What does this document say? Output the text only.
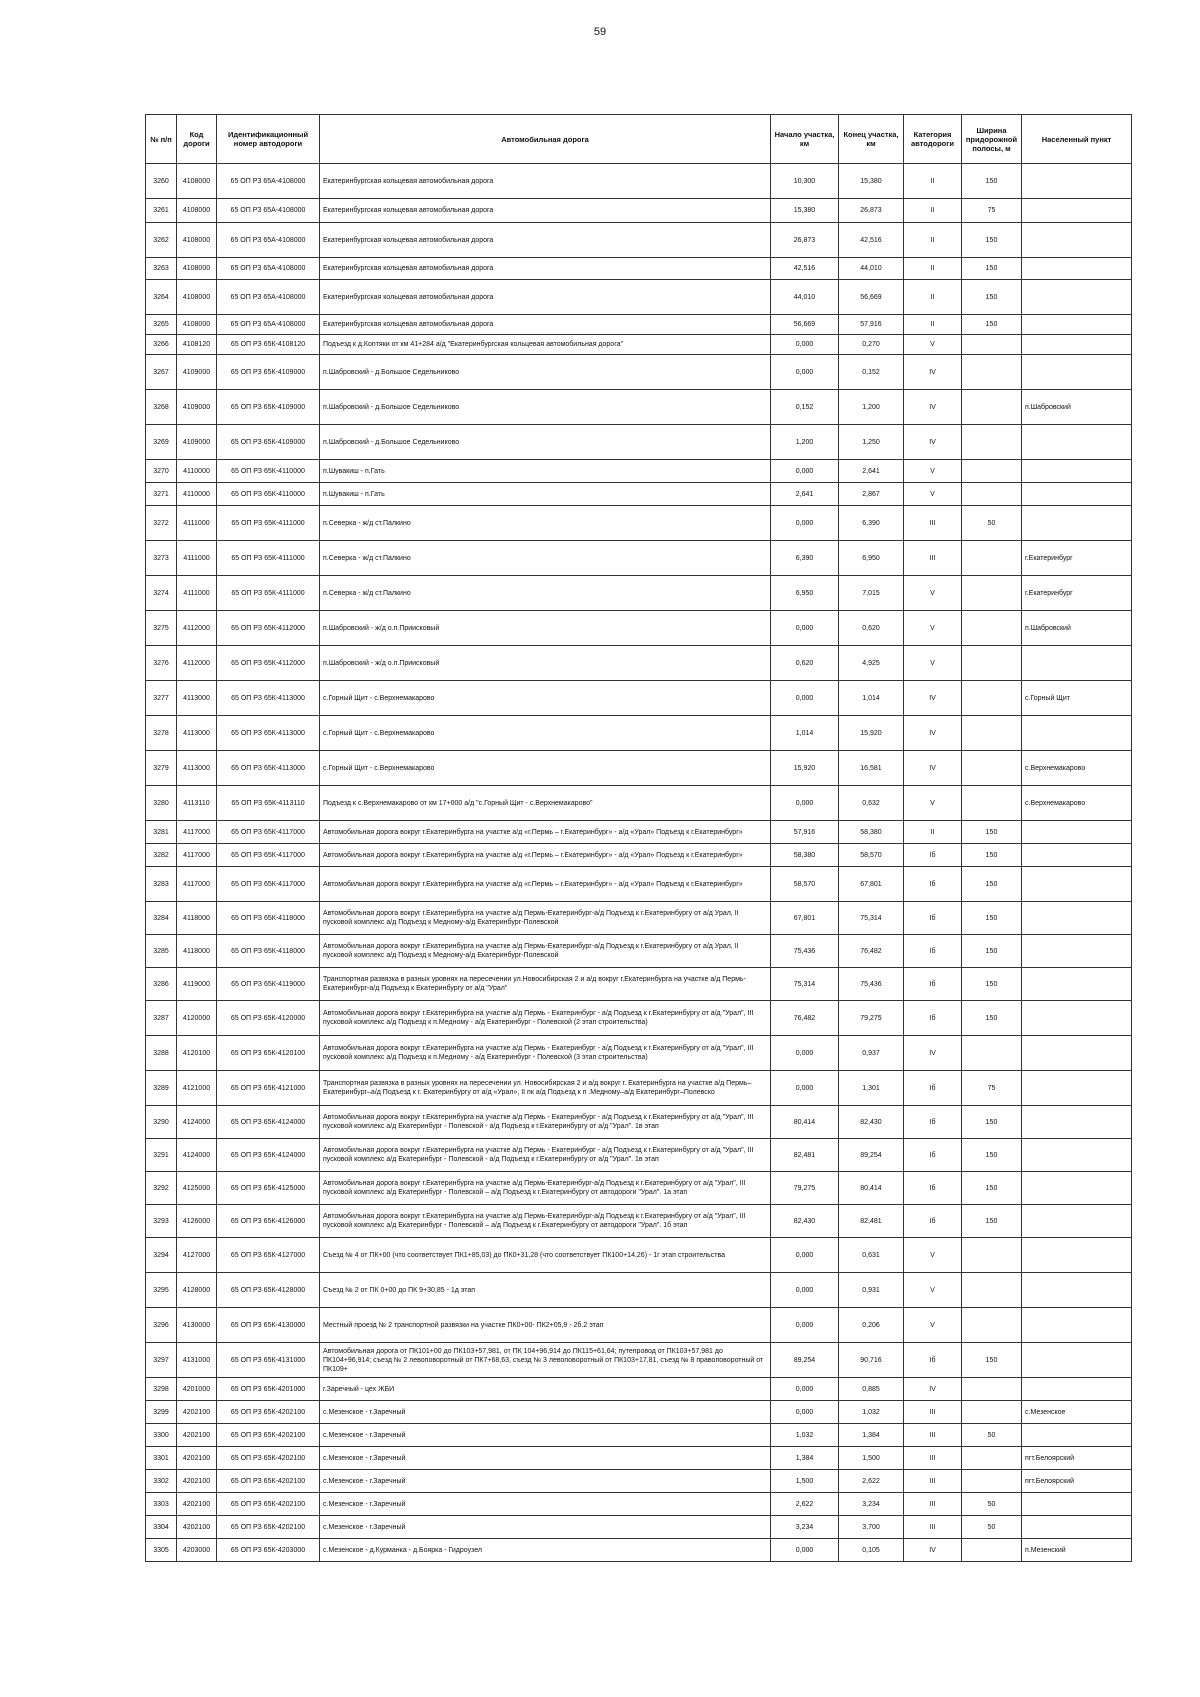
59
№ п/п	Код дороги	Идентификационный номер автодороги	Автомобильная дорога	Начало участка, км	Конец участка, км	Категория автодороги	Ширина придорожной полосы, м	Населенный пункт
3260	4108000	65 ОП РЗ 65А-4108000	Екатеринбургская кольцевая автомобильная дорога	10,300	15,380	II	150	
3261	4108000	65 ОП РЗ 65А-4108000	Екатеринбургская кольцевая автомобильная дорога	15,380	26,873	II	75	
3262	4108000	65 ОП РЗ 65А-4108000	Екатеринбургская кольцевая автомобильная дорога	26,873	42,516	II	150	
3263	4108000	65 ОП РЗ 65А-4108000	Екатеринбургская кольцевая автомобильная дорога	42,516	44,010	II	150	
3264	4108000	65 ОП РЗ 65А-4108000	Екатеринбургская кольцевая автомобильная дорога	44,010	56,669	II	150	
3265	4108000	65 ОП РЗ 65А-4108000	Екатеринбургская кольцевая автомобильная дорога	56,669	57,916	II	150	
3266	4108120	65 ОП РЗ 65К-4108120	Подъезд к д.Коптяки от км 41+284 а/д "Екатеринбургская кольцевая автомобильная дорога"	0,000	0,270	V		
3267	4109000	65 ОП РЗ 65К-4109000	п.Шабровский - д.Большое Седельниково	0,000	0,152	IV		
3268	4109000	65 ОП РЗ 65К-4109000	п.Шабровский - д.Большое Седельниково	0,152	1,200	IV		п.Шабровский
3269	4109000	65 ОП РЗ 65К-4109000	п.Шабровский - д.Большое Седельниково	1,200	1,250	IV		
3270	4110000	65 ОП РЗ 65К-4110000	п.Шувакиш - п.Гать	0,000	2,641	V		
3271	4110000	65 ОП РЗ 65К-4110000	п.Шувакиш - п.Гать	2,641	2,867	V		
3272	4111000	65 ОП РЗ 65К-4111000	п.Северка - ж/д ст.Палкино	0,000	6,390	III	50	
3273	4111000	65 ОП РЗ 65К-4111000	п.Северка - ж/д ст.Палкино	6,390	6,950	III		г.Екатеринбург
3274	4111000	65 ОП РЗ 65К-4111000	п.Северка - ж/д ст.Палкино	6,950	7,015	V		г.Екатеринбург
3275	4112000	65 ОП РЗ 65К-4112000	п.Шабровский - ж/д о.п.Приисковый	0,000	0,620	V		п.Шабровский
3276	4112000	65 ОП РЗ 65К-4112000	п.Шабровский - ж/д о.п.Приисковый	0,620	4,925	V		
3277	4113000	65 ОП РЗ 65К-4113000	с.Горный Щит - с.Верхнемакарово	0,000	1,014	IV		с.Горный Щит
3278	4113000	65 ОП РЗ 65К-4113000	с.Горный Щит - с.Верхнемакарово	1,014	15,920	IV		
3279	4113000	65 ОП РЗ 65К-4113000	с.Горный Щит - с.Верхнемакарово	15,920	16,581	IV		с.Верхнемакарово
3280	4113110	65 ОП РЗ 65К-4113110	Подъезд к с.Верхнемакарово от км 17+000 а/д "с.Горный Щит - с.Верхнемакарово"	0,000	0,632	V		с.Верхнемакарово
3281	4117000	65 ОП РЗ 65К-4117000	Автомобильная дорога вокруг г.Екатеринбурга на участке а/д «г.Пермь – г.Екатеринбург» - а/д «Урал» Подъезд к г.Екатеринбург»	57,916	58,380	II	150	
3282	4117000	65 ОП РЗ 65К-4117000	Автомобильная дорога вокруг г.Екатеринбурга на участке а/д «г.Пермь – г.Екатеринбург» - а/д «Урал» Подъезд к г.Екатеринбург»	58,380	58,570	Iб	150	
3283	4117000	65 ОП РЗ 65К-4117000	Автомобильная дорога вокруг г.Екатеринбурга на участке а/д «г.Пермь – г.Екатеринбург» - а/д «Урал» Подъезд к г.Екатеринбург»	58,570	67,801	Iб	150	
3284	4118000	65 ОП РЗ 65К-4118000	Автомобильная дорога вокруг г.Екатеринбурга на участке а/д Пермь-Екатеринбург-а/д Подъезд к г.Екатеринбургу от а/д Урал, II пусковой комплекс а/д Подъезд к Медному-а/д Екатеринбург-Полевской	67,801	75,314	Iб	150	
3285	4118000	65 ОП РЗ 65К-4118000	Автомобильная дорога вокруг г.Екатеринбурга на участке а/д Пермь-Екатеринбург-а/д Подъезд к г.Екатеринбургу от а/д Урал, II пусковой комплекс а/д Подъезд к Медному-а/д Екатеринбург-Полевской	75,436	76,482	Iб	150	
3286	4119000	65 ОП РЗ 65К-4119000	Транспортная развязка в разных уровнях на пересечении ул.Новосибирская 2 и а/д вокруг г.Екатеринбурга на участке а/д Пермь-Екатеринбург-а/д Подъезд к Екатеринбургу от а/д "Урал"	75,314	75,436	Iб	150	
3287	4120000	65 ОП РЗ 65К-4120000	Автомобильная дорога вокруг г.Екатеринбурга на участке а/д Пермь - Екатеринбург - а/д Подъезд к г.Екатеринбургу от а/д "Урал", III пусковой комплекс а/д Подъезд к п.Медному - а/д Екатеринбург - Полевской (2 этап строительства)	76,482	79,275	Iб	150	
3288	4120100	65 ОП РЗ 65К-4120100	Автомобильная дорога вокруг г.Екатеринбурга на участке а/д Пермь - Екатеринбург - а/д Подъезд к г.Екатеринбургу от а/д "Урал", III пусковой комплекс а/д Подъезд к п.Медному - а/д Екатеринбург - Полевской (3 этап строительства)	0,000	0,937	IV		
3289	4121000	65 ОП РЗ 65К-4121000	Транспортная развязка в разных уровнях на пересечении ул. Новосибирская 2 и а/д вокруг г. Екатеринбурга на участке а/д Пермь–Екатеринбург–а/д Подъезд к г. Екатеринбургу от а/д «Урал», II пк а/д Подъезд к п .Медному–а/д Екатеринбург–Полевско	0,000	1,301	Iб	75	
3290	4124000	65 ОП РЗ 65К-4124000	Автомобильная дорога вокруг г.Екатеринбурга на участке а/д Пермь - Екатеринбург - а/д Подъезд к г.Екатеринбургу от а/д "Урал", III пусковой комплекс а/д Екатеринбург - Полевской - а/д Подъезд к г.Екатеринбургу от а/д "Урал". 1в этап	80,414	82,430	Iб	150	
3291	4124000	65 ОП РЗ 65К-4124000	Автомобильная дорога вокруг г.Екатеринбурга на участке а/д Пермь - Екатеринбург - а/д Подъезд к г.Екатеринбургу от а/д "Урал", III пусковой комплекс а/д Екатеринбург - Полевской - а/д Подъезд к г.Екатеринбургу от а/д "Урал". 1в этап	82,481	89,254	Iб	150	
3292	4125000	65 ОП РЗ 65К-4125000	Автомобильная дорога вокруг г.Екатеринбурга на участке а/д Пермь-Екатеринбург-а/д Подъезд к г.Екатеринбургу от а/д "Урал", III пусковой комплекс а/д Екатеринбург - Полевской – а/д Подъезд к г.Екатеринбургу от автодороги "Урал". 1а этап	79,275	80,414	Iб	150	
3293	4126000	65 ОП РЗ 65К-4126000	Автомобильная дорога вокруг г.Екатеринбурга на участке а/д Пермь-Екатеринбург-а/д Подъезд к г.Екатеринбургу от а/д "Урал", III пусковой комплекс а/д Екатеринбург - Полевской – а/д Подъезд к г.Екатеринбургу от автодороги "Урал". 1б этап	82,430	82,481	Iб	150	
3294	4127000	65 ОП РЗ 65К-4127000	Съезд № 4 от ПК+00 (что соответствует ПК1+85,03) до ПК0+31,28 (что соответствует ПК100+14,26) - 1г этап строительства	0,000	0,631	V		
3295	4128000	65 ОП РЗ 65К-4128000	Съезд № 2 от ПК 0+00 до ПК 9+30,85 - 1д этап	0,000	0,931	V		
3296	4130000	65 ОП РЗ 65К-4130000	Местный проезд № 2 транспортной развязки на участке ПК0+00- ПК2+05,9 - 2б.2 этап	0,000	0,206	V		
3297	4131000	65 ОП РЗ 65К-4131000	Автомобильная дорога от ПК101+00 до ПК103+57,981, от ПК 104+96,914 до ПК115+61,64; путепровод от ПК103+57,981 до ПК104+96,914; съезд № 2 левоповоротный от ПК7+68,63, съезд № 3 левоповоротный от ПК103+17,81, съезд № 8 правоповоротный от ПК109+	89,254	90,716	Iб	150	
3298	4201000	65 ОП РЗ 65К-4201000	г.Заречный - цех ЖБИ	0,000	0,885	IV		
3299	4202100	65 ОП РЗ 65К-4202100	с.Мезенское - г.Заречный	0,000	1,032	III		с.Мезенское
3300	4202100	65 ОП РЗ 65К-4202100	с.Мезенское - г.Заречный	1,032	1,384	III	50	
3301	4202100	65 ОП РЗ 65К-4202100	с.Мезенское - г.Заречный	1,384	1,500	III		пгт.Белоярский
3302	4202100	65 ОП РЗ 65К-4202100	с.Мезенское - г.Заречный	1,500	2,622	III		пгт.Белоярский
3303	4202100	65 ОП РЗ 65К-4202100	с.Мезенское - г.Заречный	2,622	3,234	III	50	
3304	4202100	65 ОП РЗ 65К-4202100	с.Мезенское - г.Заречный	3,234	3,700	III	50	
3305	4203000	65 ОП РЗ 65К-4203000	с.Мезенское - д.Курманка - д.Боярка - Гидроузел	0,000	0,105	IV		п.Мезенский
